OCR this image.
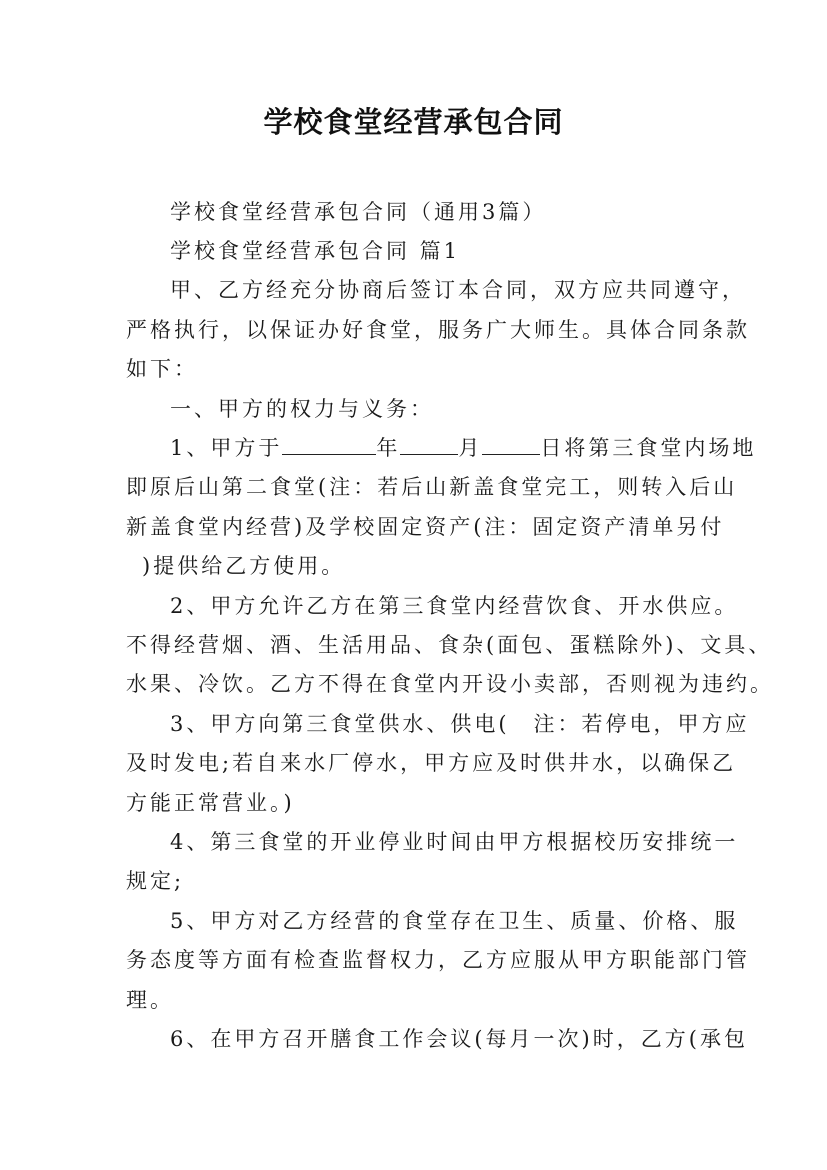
学校食堂经营承包合同
学校食堂经营承包合同（通用3篇）
学校食堂经营承包合同 篇1
甲、乙方经充分协商后签订本合同，双方应共同遵守，
严格执行，以保证办好食堂，服务广大师生。具体合同条款
如下：
一、甲方的权力与义务：
1、甲方于	年	月	日将第三食堂内场地
即原后山第二食堂(注：若后山新盖食堂完工，则转入后山
新盖食堂内经营)及学校固定资产(注：固定资产清单另付
)提供给乙方使用。
2、甲方允许乙方在第三食堂内经营饮食、开水供应。
不得经营烟、酒、生活用品、食杂(面包、蛋糕除外)、文具、
水果、冷饮。乙方不得在食堂内开设小卖部，否则视为违约。
3、甲方向第三食堂供水、供电(　注：若停电，甲方应
及时发电;若自来水厂停水，甲方应及时供井水，以确保乙
方能正常营业。)
4、第三食堂的开业停业时间由甲方根据校历安排统一
规定;
5、甲方对乙方经营的食堂存在卫生、质量、价格、服
务态度等方面有检查监督权力，乙方应服从甲方职能部门管
理。
6、在甲方召开膳食工作会议(每月一次)时，乙方(承包
